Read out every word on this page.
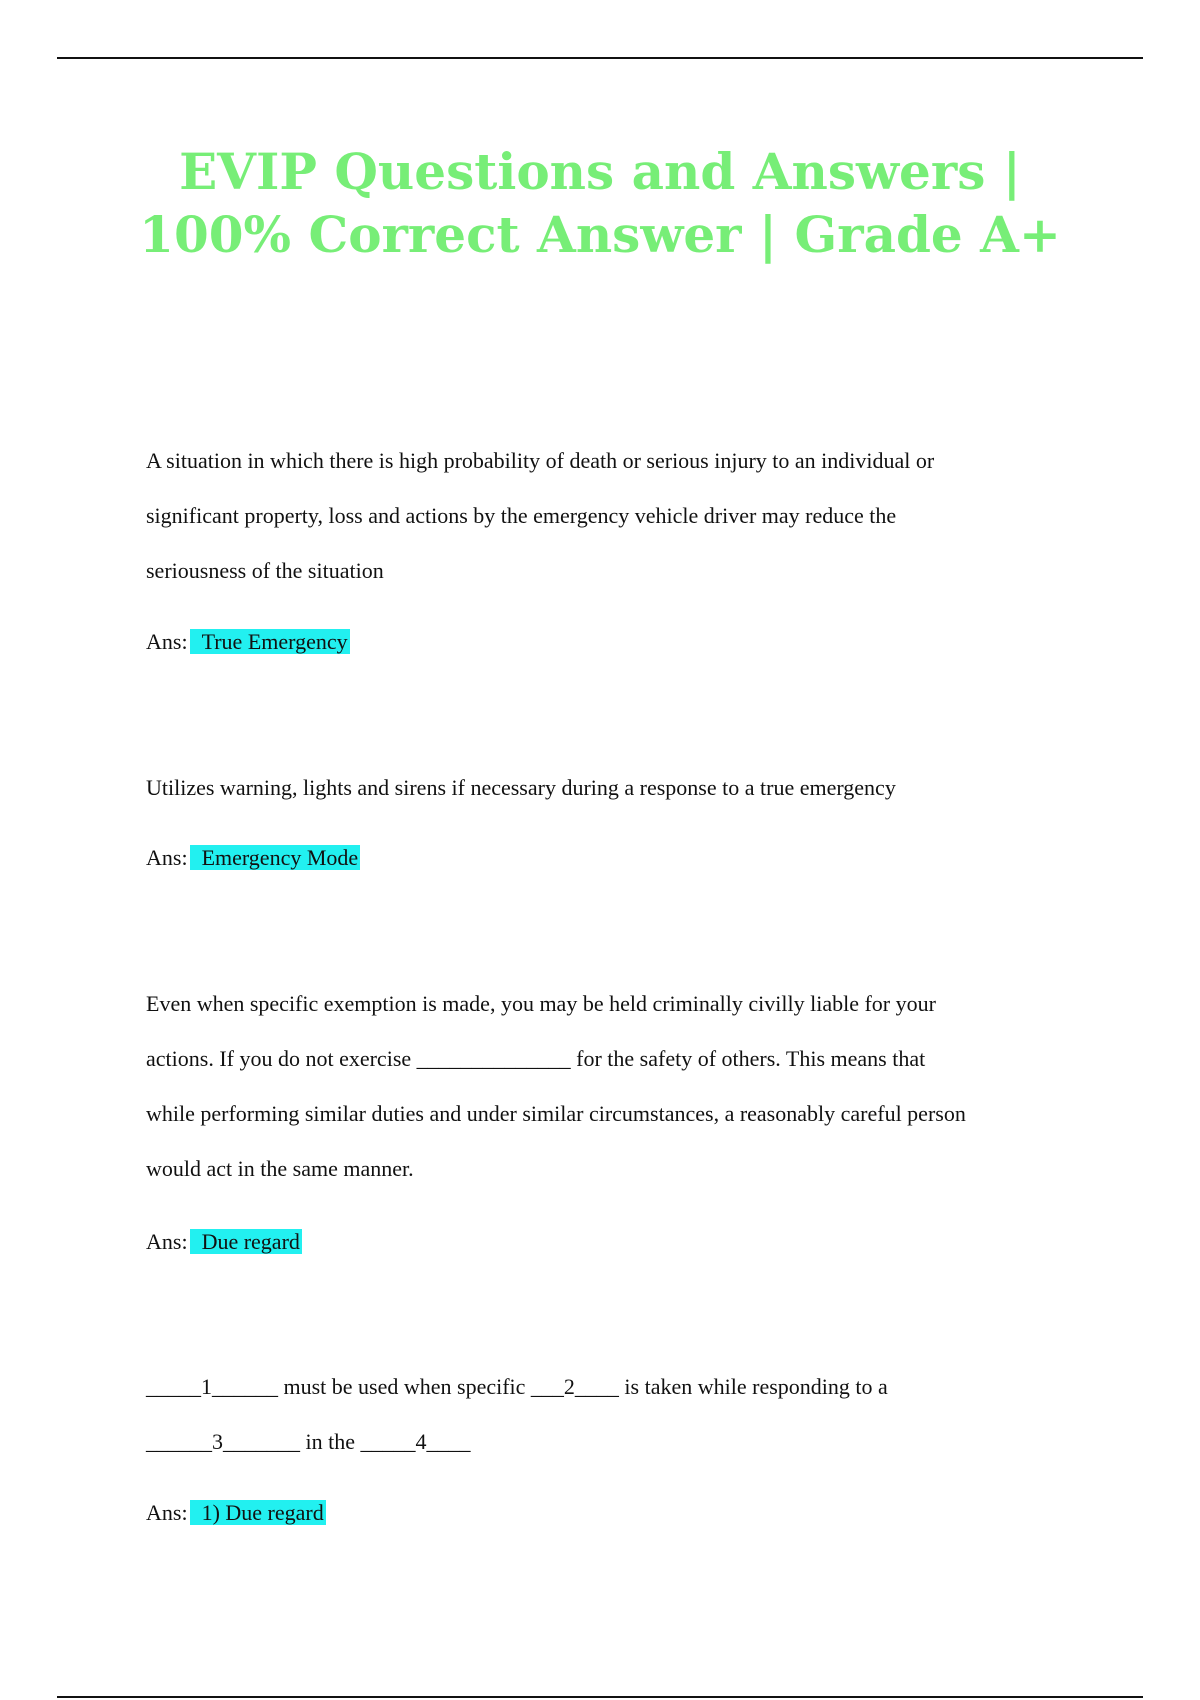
EVIP Questions and Answers |
100% Correct Answer | Grade A+

A situation in which there is high probability of death or serious injury to an individual or
significant property, loss and actions by the emergency vehicle driver may reduce the
seriousness of the situation

Ans: True Emergency

Utilizes warning, lights and sirens if necessary during a response to a true emergency

Ans: Emergency Mode

Even when specific exemption is made, you may be held criminally civilly liable for your
actions. If you do not exercise ______________ for the safety of others. This means that
while performing similar duties and under similar circumstances, a reasonably careful person
would act in the same manner.

Ans: Due regard

_____1______ must be used when specific ___2____ is taken while responding to a
______3_______ in the _____4____

Ans: 1) Due regard
